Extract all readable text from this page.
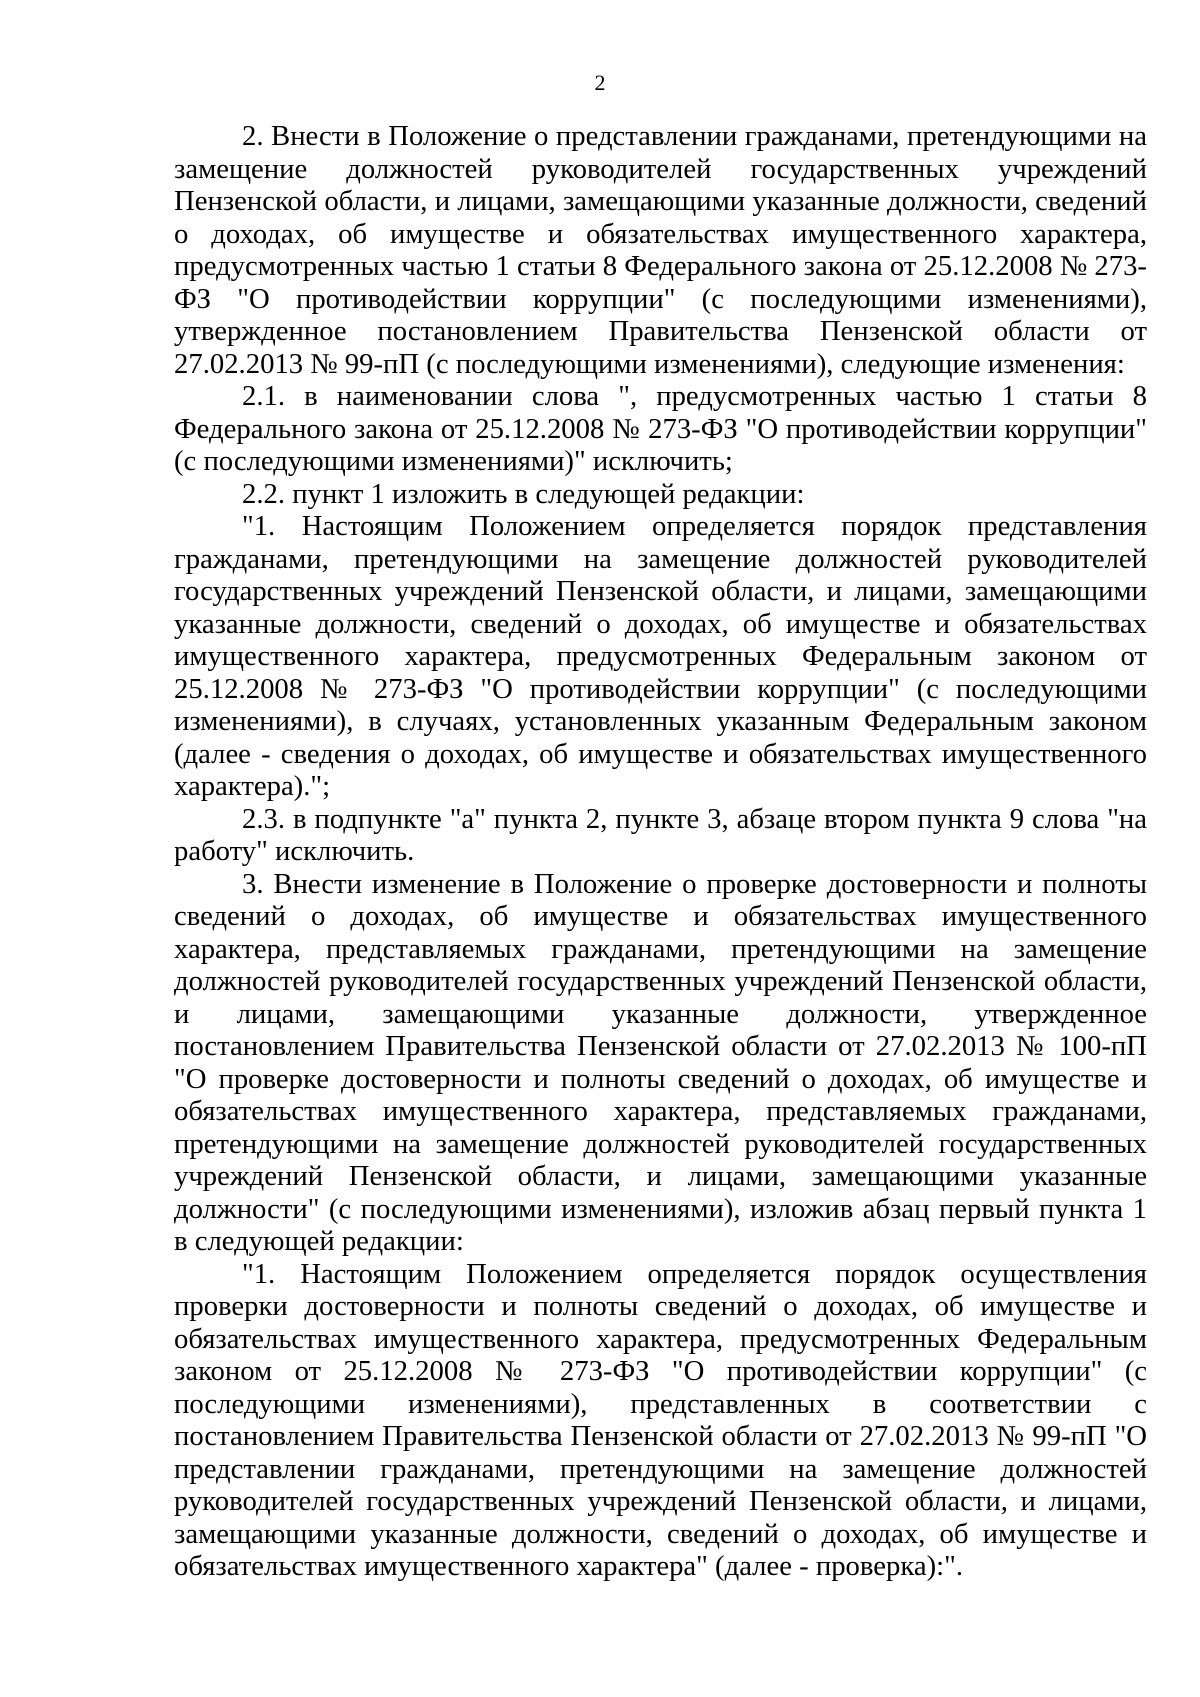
2

2. Внести в Положение о представлении гражданами, претендующими на замещение должностей руководителей государственных учреждений Пензенской области, и лицами, замещающими указанные должности, сведений о доходах, об имуществе и обязательствах имущественного характера, предусмотренных частью 1 статьи 8 Федерального закона от 25.12.2008 № 273-ФЗ "О противодействии коррупции" (с последующими изменениями), утвержденное постановлением Правительства Пензенской области от 27.02.2013 № 99-пП (с последующими изменениями), следующие изменения:

2.1. в наименовании слова ", предусмотренных частью 1 статьи 8 Федерального закона от 25.12.2008 № 273-ФЗ "О противодействии коррупции" (с последующими изменениями)" исключить;

2.2. пункт 1 изложить в следующей редакции:

"1. Настоящим Положением определяется порядок представления гражданами, претендующими на замещение должностей руководителей государственных учреждений Пензенской области, и лицами, замещающими указанные должности, сведений о доходах, об имуществе и обязательствах имущественного характера, предусмотренных Федеральным законом от 25.12.2008 № 273-ФЗ "О противодействии коррупции" (с последующими изменениями), в случаях, установленных указанным Федеральным законом (далее - сведения о доходах, об имуществе и обязательствах имущественного характера).";

2.3. в подпункте "а" пункта 2, пункте 3, абзаце втором пункта 9 слова "на работу" исключить.

3. Внести изменение в Положение о проверке достоверности и полноты сведений о доходах, об имуществе и обязательствах имущественного характера, представляемых гражданами, претендующими на замещение должностей руководителей государственных учреждений Пензенской области, и лицами, замещающими указанные должности, утвержденное постановлением Правительства Пензенской области от 27.02.2013 № 100-пП "О проверке достоверности и полноты сведений о доходах, об имуществе и обязательствах имущественного характера, представляемых гражданами, претендующими на замещение должностей руководителей государственных учреждений Пензенской области, и лицами, замещающими указанные должности" (с последующими изменениями), изложив абзац первый пункта 1 в следующей редакции:

"1. Настоящим Положением определяется порядок осуществления проверки достоверности и полноты сведений о доходах, об имуществе и обязательствах имущественного характера, предусмотренных Федеральным законом от 25.12.2008 № 273-ФЗ "О противодействии коррупции" (с последующими изменениями), представленных в соответствии с постановлением Правительства Пензенской области от 27.02.2013 № 99-пП "О представлении гражданами, претендующими на замещение должностей руководителей государственных учреждений Пензенской области, и лицами, замещающими указанные должности, сведений о доходах, об имуществе и обязательствах имущественного характера" (далее - проверка):".
